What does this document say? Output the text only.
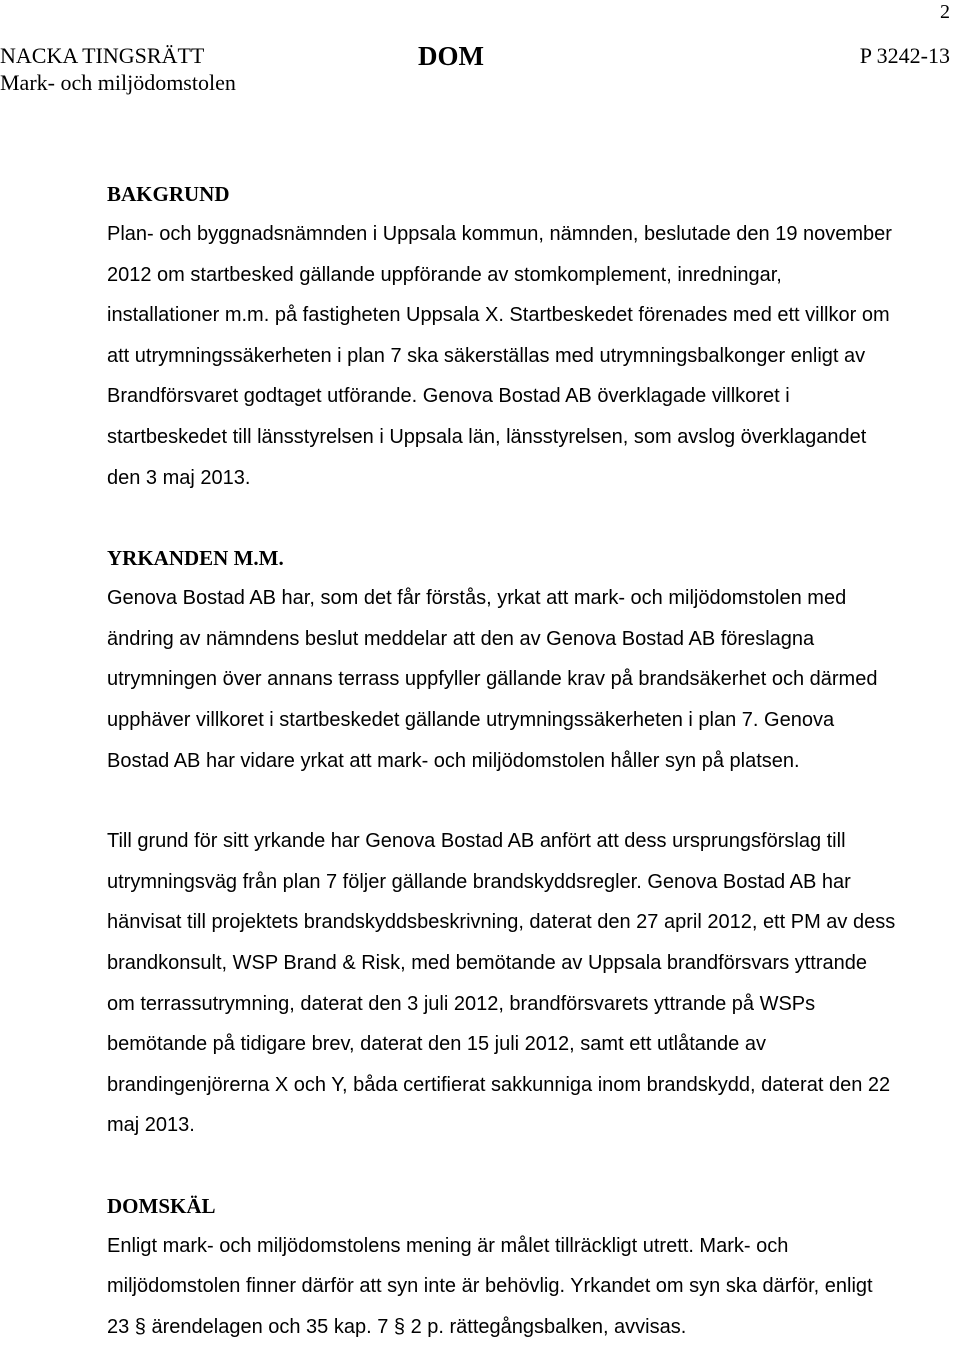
2
NACKA TINGSRÄTT
Mark- och miljödomstolen
DOM	P 3242-13

BAKGRUND

Plan- och byggnadsnämnden i Uppsala kommun, nämnden, beslutade den 19 november 2012 om startbesked gällande uppförande av stomkomplement, inredningar, installationer m.m. på fastigheten Uppsala X. Startbeskedet förenades med ett villkor om att utrymningssäkerheten i plan 7 ska säkerställas med utrymningsbalkonger enligt av Brandförsvaret godtaget utförande. Genova Bostad AB överklagade villkoret i startbeskedet till länsstyrelsen i Uppsala län, länsstyrelsen, som avslog överklagandet den 3 maj 2013.

YRKANDEN M.M.

Genova Bostad AB har, som det får förstås, yrkat att mark- och miljödomstolen med ändring av nämndens beslut meddelar att den av Genova Bostad AB föreslagna utrymningen över annans terrass uppfyller gällande krav på brandsäkerhet och därmed upphäver villkoret i startbeskedet gällande utrymningssäkerheten i plan 7. Genova Bostad AB har vidare yrkat att mark- och miljödomstolen håller syn på platsen.

Till grund för sitt yrkande har Genova Bostad AB anfört att dess ursprungsförslag till utrymningsväg från plan 7 följer gällande brandskyddsregler. Genova Bostad AB har hänvisat till projektets brandskyddsbeskrivning, daterat den 27 april 2012, ett PM av dess brandkonsult, WSP Brand & Risk, med bemötande av Uppsala brandförsvars yttrande om terrassutrymning, daterat den 3 juli 2012, brandförsvarets yttrande på WSPs bemötande på tidigare brev, daterat den 15 juli 2012, samt ett utlåtande av brandingenjörerna X och Y, båda certifierat sakkunniga inom brandskydd, daterat den 22 maj 2013.

DOMSKÄL

Enligt mark- och miljödomstolens mening är målet tillräckligt utrett. Mark- och miljödomstolen finner därför att syn inte är behövlig. Yrkandet om syn ska därför, enligt 23 § ärendelagen och 35 kap. 7 § 2 p. rättegångsbalken, avvisas.
